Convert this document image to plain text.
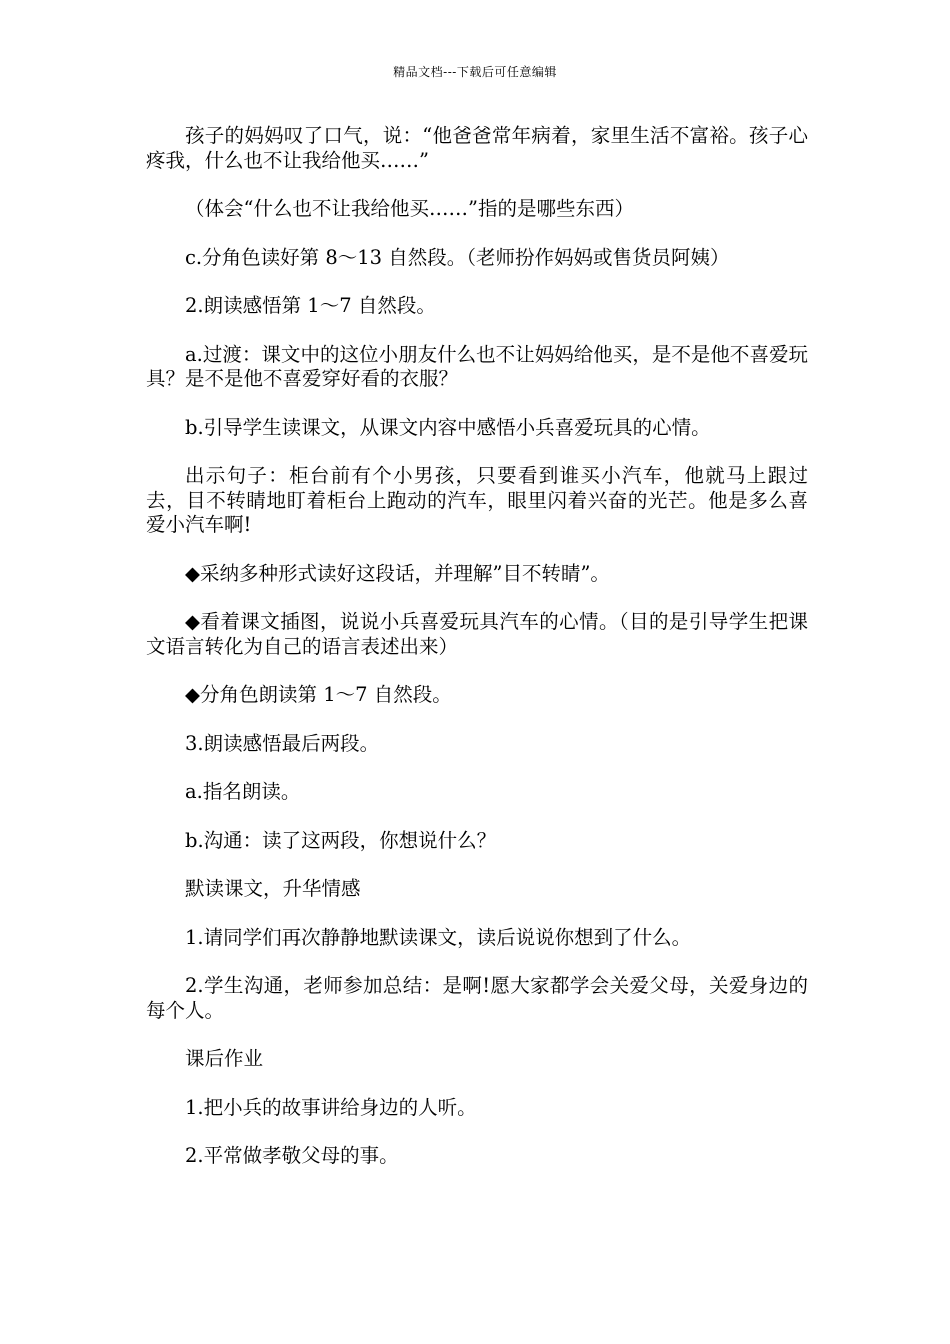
精品文档---下载后可任意编辑

孩子的妈妈叹了口气，说：“他爸爸常年病着，家里生活不富裕。孩子心疼我，什么也不让我给他买……”

（体会“什么也不让我给他买……”指的是哪些东西）

c.分角色读好第 8～13 自然段。（老师扮作妈妈或售货员阿姨）

2.朗读感悟第 1～7 自然段。

a.过渡：课文中的这位小朋友什么也不让妈妈给他买，是不是他不喜爱玩具？是不是他不喜爱穿好看的衣服？

b.引导学生读课文，从课文内容中感悟小兵喜爱玩具的心情。

出示句子：柜台前有个小男孩，只要看到谁买小汽车，他就马上跟过去，目不转睛地盯着柜台上跑动的汽车，眼里闪着兴奋的光芒。他是多么喜爱小汽车啊!

◆采纳多种形式读好这段话，并理解”目不转睛”。

◆看着课文插图，说说小兵喜爱玩具汽车的心情。（目的是引导学生把课文语言转化为自己的语言表述出来）

◆分角色朗读第 1～7 自然段。

3.朗读感悟最后两段。

a.指名朗读。

b.沟通：读了这两段，你想说什么？

默读课文，升华情感

1.请同学们再次静静地默读课文，读后说说你想到了什么。

2.学生沟通，老师参加总结：是啊!愿大家都学会关爱父母，关爱身边的每个人。

课后作业

1.把小兵的故事讲给身边的人听。

2.平常做孝敬父母的事。
